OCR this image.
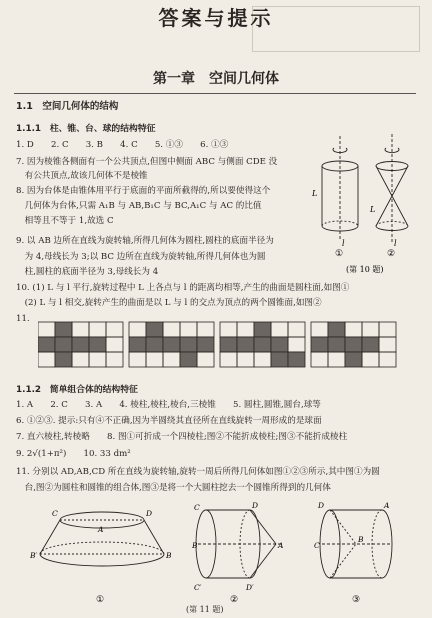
答案与提示
第一章　空间几何体
1.1　空间几何体的结构
1.1.1　柱、锥、台、球的结构特征
1. D　　2. C　　3. B　　4. C　　5. ①③　　6. ①③
7. 因为棱锥各侧面有一个公共顶点,但图中侧面 ABC 与侧面 CDE 没
　有公共顶点,故该几何体不是棱锥
8. 因为台体是由锥体用平行于底面的平面所截得的,所以要使得这个
　几何体为台体,只需 A₁B 与 AB,B₁C 与 BC,A₁C 与 AC 的比值
　相等且不等于 1,故选 C
9. 以 AB 边所在直线为旋转轴,所得几何体为圆柱,圆柱的底面半径为
　为 4,母线长为 3;以 BC 边所在直线为旋转轴,所得几何体也为圆
　柱,圆柱的底面半径为 3,母线长为 4
10. (1) L 与 l 平行,旋转过程中 L 上各点与 l 的距离均相等,产生的曲面是圆柱面,如图①
　(2) L 与 l 相交,旋转产生的曲面是以 L 与 l 的交点为顶点的两个圆锥面,如图②
11.
L
l
L
l
①	②
(第 10 题)
1.1.2　简单组合体的结构特征
1. A　　2. C　　3. A　　4. 棱柱,棱柱,棱台,三棱锥　　5. 圆柱,圆锥,圆台,球等
6. ①②③. 提示:只有④不正确,因为半圆绕其直径所在直线旋转一周形成的是球面
7. 直六棱柱,转棱略　　8. 图①可折成一个四棱柱;图②不能折成棱柱;图③不能折成棱柱
9. 2√(1+π²)　　10. 33 dm²
11. 分别以 AD,AB,CD 所在直线为旋转轴,旋转一周后所得几何体如图①②③所示,其中图①为圆
　台,图②为圆柱和圆锥的组合体,图③是将一个大圆柱挖去一个圆锥所得到的几何体
C	D
A
B′	B
C	D
B	A
C′	D′
D	A
B
C
①	②	③
(第 11 题)
